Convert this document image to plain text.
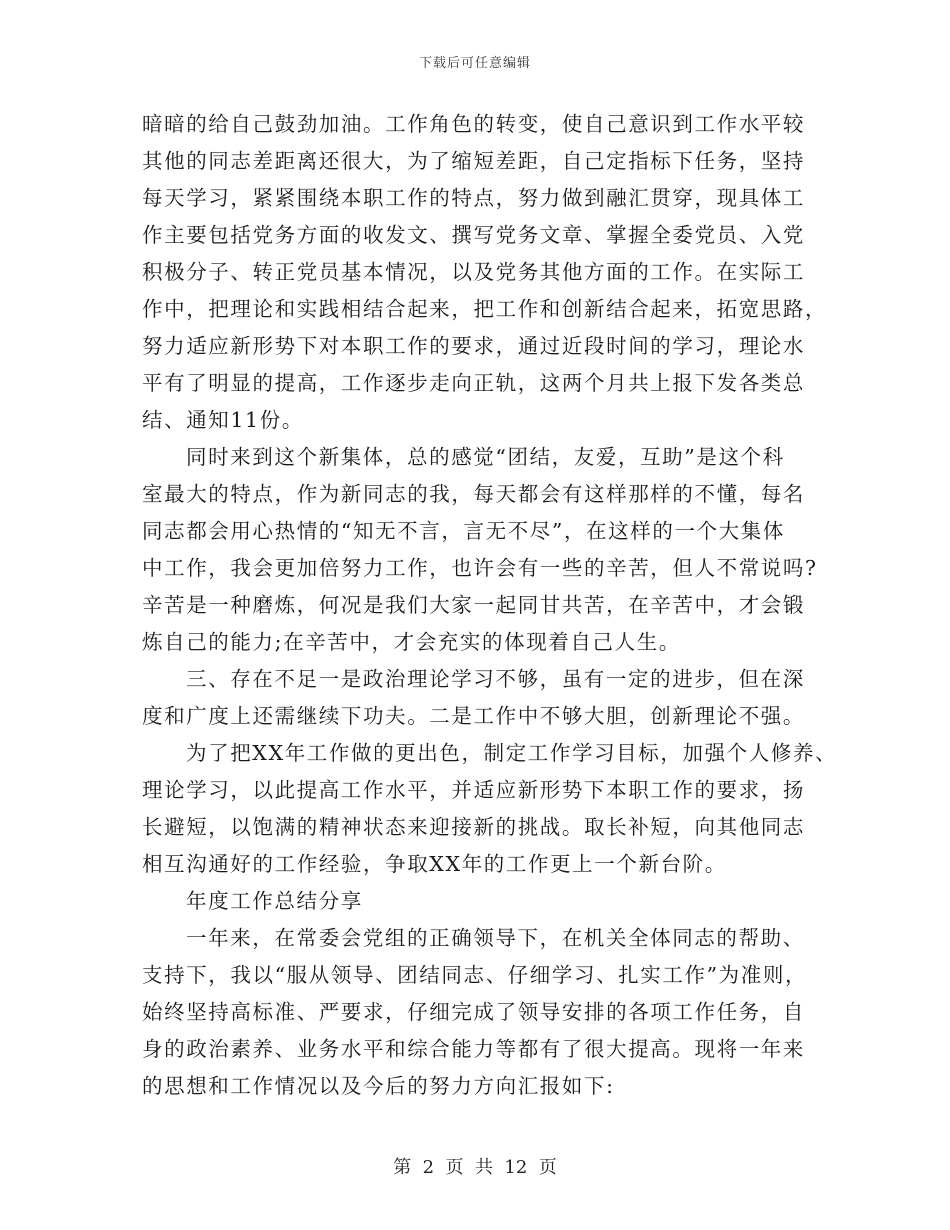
下载后可任意编辑
暗暗的给自己鼓劲加油。工作角色的转变，使自己意识到工作水平较
其他的同志差距离还很大，为了缩短差距，自己定指标下任务，坚持
每天学习，紧紧围绕本职工作的特点，努力做到融汇贯穿，现具体工
作主要包括党务方面的收发文、撰写党务文章、掌握全委党员、入党
积极分子、转正党员基本情况，以及党务其他方面的工作。在实际工
作中，把理论和实践相结合起来，把工作和创新结合起来，拓宽思路，
努力适应新形势下对本职工作的要求，通过近段时间的学习，理论水
平有了明显的提高，工作逐步走向正轨，这两个月共上报下发各类总
结、通知11份。
同时来到这个新集体，总的感觉“团结，友爱，互助”是这个科
室最大的特点，作为新同志的我，每天都会有这样那样的不懂，每名
同志都会用心热情的“知无不言，言无不尽”，在这样的一个大集体
中工作，我会更加倍努力工作，也许会有一些的辛苦，但人不常说吗?
辛苦是一种磨炼，何况是我们大家一起同甘共苦，在辛苦中，才会锻
炼自己的能力;在辛苦中，才会充实的体现着自己人生。
三、存在不足一是政治理论学习不够，虽有一定的进步，但在深
度和广度上还需继续下功夫。二是工作中不够大胆，创新理论不强。
为了把XX年工作做的更出色，制定工作学习目标，加强个人修养、
理论学习，以此提高工作水平，并适应新形势下本职工作的要求，扬
长避短，以饱满的精神状态来迎接新的挑战。取长补短，向其他同志
相互沟通好的工作经验，争取XX年的工作更上一个新台阶。
年度工作总结分享
一年来，在常委会党组的正确领导下，在机关全体同志的帮助、
支持下，我以“服从领导、团结同志、仔细学习、扎实工作”为准则，
始终坚持高标准、严要求，仔细完成了领导安排的各项工作任务，自
身的政治素养、业务水平和综合能力等都有了很大提高。现将一年来
的思想和工作情况以及今后的努力方向汇报如下:
第  2  页  共  12  页
